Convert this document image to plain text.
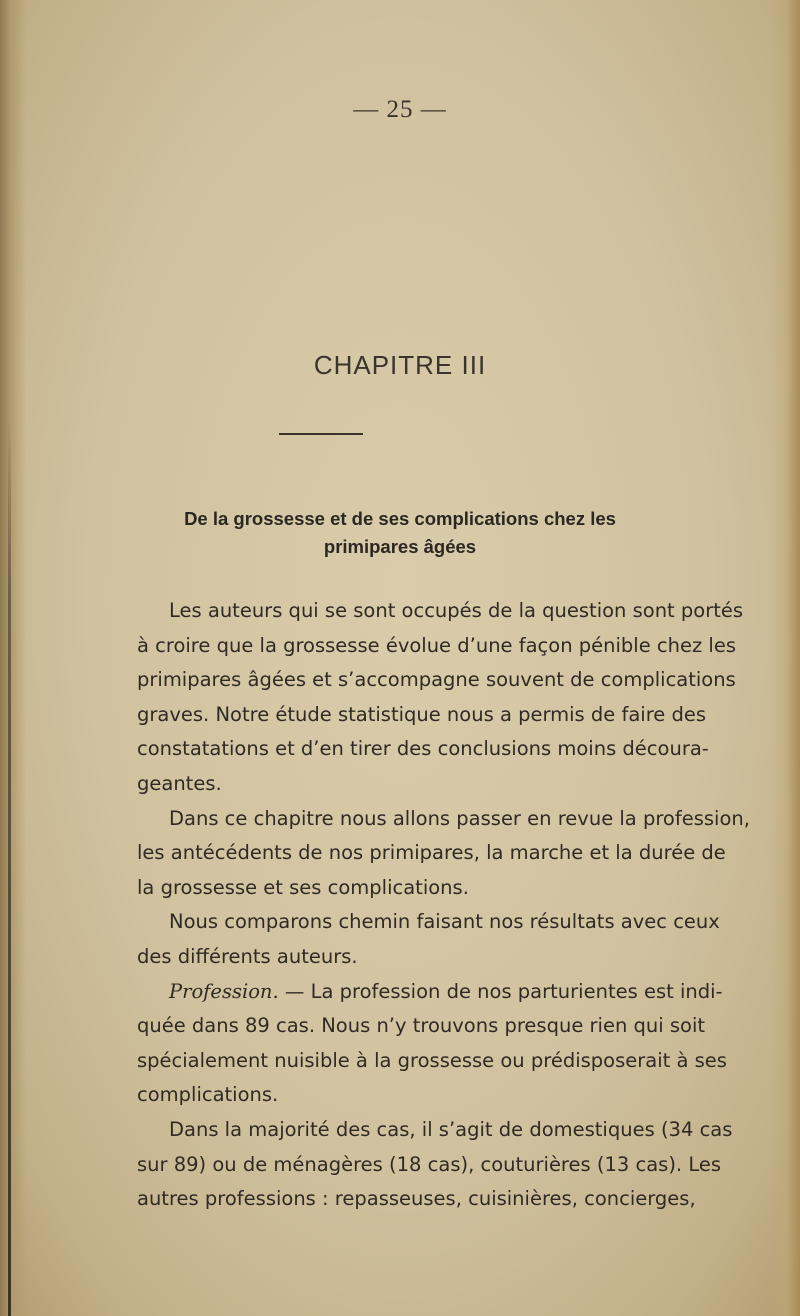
— 25 —
CHAPITRE III
De la grossesse et de ses complications chez les
primipares âgées
Les auteurs qui se sont occupés de la question sont portés
à croire que la grossesse évolue d’une façon pénible chez les
primipares âgées et s’accompagne souvent de complications
graves. Notre étude statistique nous a permis de faire des
constatations et d’en tirer des conclusions moins découra-
geantes.
Dans ce chapitre nous allons passer en revue la profession,
les antécédents de nos primipares, la marche et la durée de
la grossesse et ses complications.
Nous comparons chemin faisant nos résultats avec ceux
des différents auteurs.
Profession. — La profession de nos parturientes est indi-
quée dans 89 cas. Nous n’y trouvons presque rien qui soit
spécialement nuisible à la grossesse ou prédisposerait à ses
complications.
Dans la majorité des cas, il s’agit de domestiques (34 cas
sur 89) ou de ménagères (18 cas), couturières (13 cas). Les
autres professions : repasseuses, cuisinières, concierges,
